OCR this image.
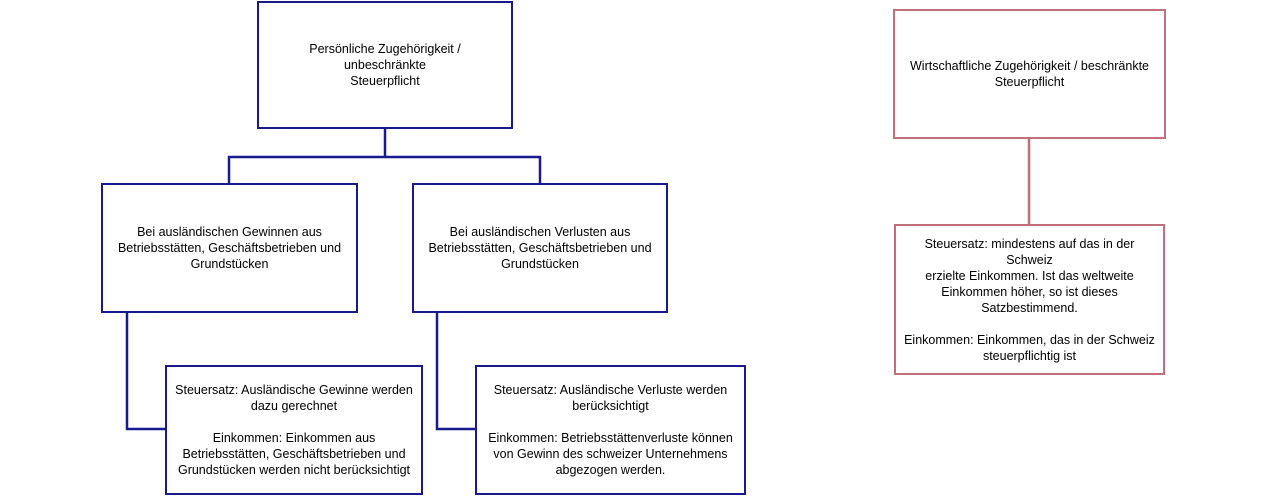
Persönliche Zugehörigkeit / unbeschränkte
Steuerpflicht

Bei ausländischen Gewinnen aus
Betriebsstätten, Geschäftsbetrieben und
Grundstücken

Bei ausländischen Verlusten aus
Betriebsstätten, Geschäftsbetrieben und
Grundstücken

Steuersatz: Ausländische Gewinne werden
dazu gerechnet

Einkommen: Einkommen aus
Betriebsstätten, Geschäftsbetrieben und
Grundstücken werden nicht berücksichtigt

Steuersatz: Ausländische Verluste werden
berücksichtigt

Einkommen: Betriebsstättenverluste können
von Gewinn des schweizer Unternehmens
abgezogen werden.

Wirtschaftliche Zugehörigkeit / beschränkte
Steuerpflicht

Steuersatz: mindestens auf das in der Schweiz
erzielte Einkommen. Ist das weltweite
Einkommen höher, so ist dieses
Satzbestimmend.

Einkommen: Einkommen, das in der Schweiz
steuerpflichtig ist
